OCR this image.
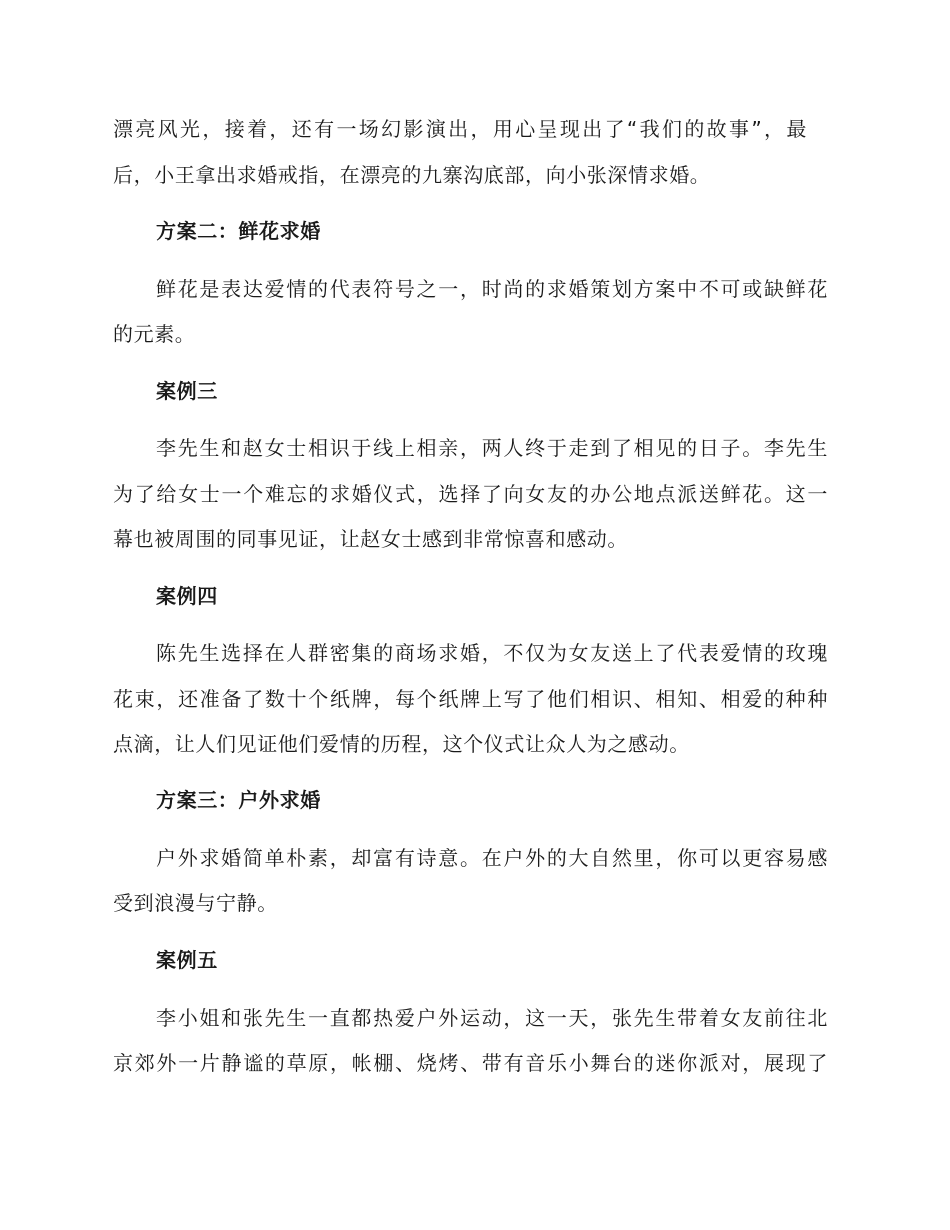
漂亮风光，接着，还有一场幻影演出，用心呈现出了“我们的故事”，最
后，小王拿出求婚戒指，在漂亮的九寨沟底部，向小张深情求婚。
方案二：鲜花求婚
鲜花是表达爱情的代表符号之一，时尚的求婚策划方案中不可或缺鲜花
的元素。
案例三
李先生和赵女士相识于线上相亲，两人终于走到了相见的日子。李先生
为了给女士一个难忘的求婚仪式，选择了向女友的办公地点派送鲜花。这一
幕也被周围的同事见证，让赵女士感到非常惊喜和感动。
案例四
陈先生选择在人群密集的商场求婚，不仅为女友送上了代表爱情的玫瑰
花束，还准备了数十个纸牌，每个纸牌上写了他们相识、相知、相爱的种种
点滴，让人们见证他们爱情的历程，这个仪式让众人为之感动。
方案三：户外求婚
户外求婚简单朴素，却富有诗意。在户外的大自然里，你可以更容易感
受到浪漫与宁静。
案例五
李小姐和张先生一直都热爱户外运动，这一天，张先生带着女友前往北
京郊外一片静谧的草原，帐棚、烧烤、带有音乐小舞台的迷你派对，展现了
